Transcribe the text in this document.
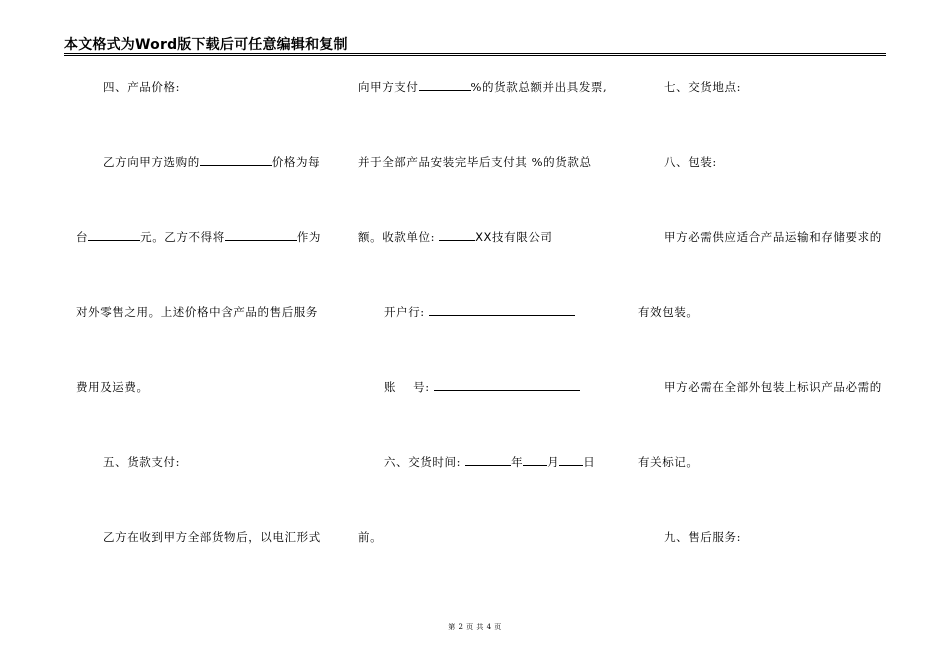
本文格式为Word版下载后可任意编辑和复制
四、产品价格:
乙方向甲方选购的	价格为每
台	元。乙方不得将	作为
对外零售之用。上述价格中含产品的售后服务
费用及运费。
五、货款支付:
乙方在收到甲方全部货物后，以电汇形式
向甲方支付	%的货款总额并出具发票,
并于全部产品安装完毕后支付其 %的货款总
额。收款单位:	XX技有限公司
开户行:
账    号:
六、交货时间:	年 月 日
前。
七、交货地点:
八、包装:
甲方必需供应适合产品运输和存储要求的
有效包装。
甲方必需在全部外包装上标识产品必需的
有关标记。
九、售后服务:
第 2 页 共 4 页
